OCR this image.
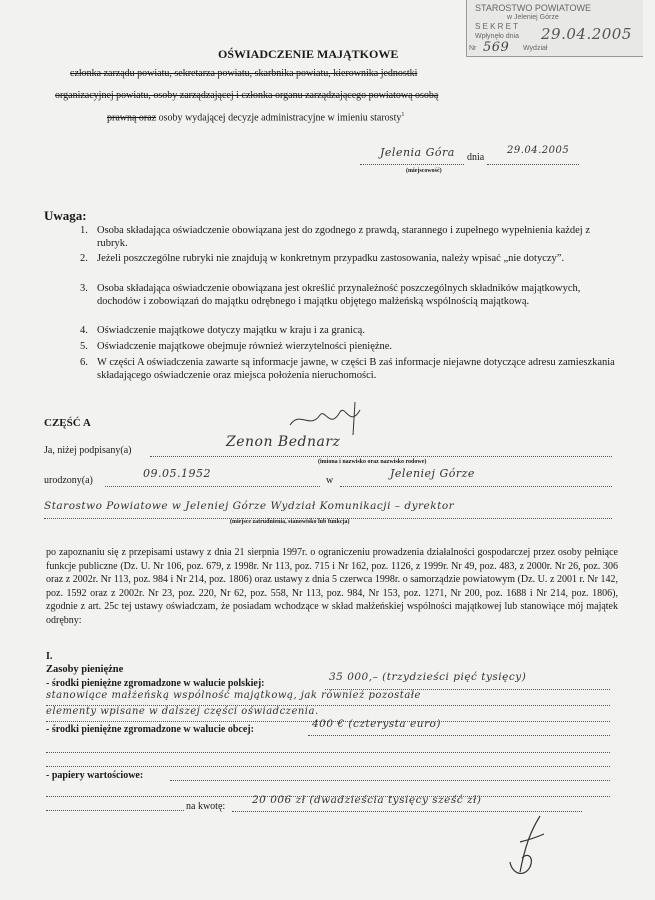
STAROSTWO POWIATOWE
w Jeleniej Górze
S E K R E T
Wpłynęło dnia 29.04.2005
Nr 569 Wydział
OŚWIADCZENIE MAJĄTKOWE
członka zarządu powiatu, sekretarza powiatu, skarbnika powiatu, kierownika jednostki
organizacyjnej powiatu, osoby zarządzającej i członka organu zarządzającego powiatową osobą
prawną oraz osoby wydającej decyzje administracyjne w imieniu starosty$^1$
Jelenia Góra dnia
29.04.2005
(miejscowość)
Uwaga:
1. Osoba składająca oświadczenie obowiązana jest do zgodnego z prawdą, starannego i zupełnego wypełnienia każdej z rubryk.
2. Jeżeli poszczególne rubryki nie znajdują w konkretnym przypadku zastosowania, należy wpisać „nie dotyczy”.
3. Osoba składająca oświadczenie obowiązana jest określić przynależność poszczególnych składników majątkowych, dochodów i zobowiązań do majątku odrębnego i majątku objętego małżeńską wspólnością majątkową.
4. Oświadczenie majątkowe dotyczy majątku w kraju i za granicą.
5. Oświadczenie majątkowe obejmuje również wierzytelności pieniężne.
6. W części A oświadczenia zawarte są informacje jawne, w części B zaś informacje niejawne dotyczące adresu zamieszkania składającego oświadczenie oraz miejsca położenia nieruchomości.
CZĘŚĆ A
Ja, niżej podpisany(a)
Zenon Bednarz
(imiona i nazwisko oraz nazwisko rodowe)
urodzony(a)
09.05.1952
w
Jeleniej Górze
Starostwo Powiatowe w Jeleniej Górze Wydział Komunikacji – dyrektor
(miejsce zatrudnienia, stanowisko lub funkcja)
po zapoznaniu się z przepisami ustawy z dnia 21 sierpnia 1997r. o ograniczeniu prowadzenia działalności gospodarczej przez osoby pełniące funkcje publiczne (Dz. U. Nr 106, poz. 679, z 1998r. Nr 113, poz. 715 i Nr 162, poz. 1126, z 1999r. Nr 49, poz. 483, z 2000r. Nr 26, poz. 306 oraz z 2002r. Nr 113, poz. 984 i Nr 214, poz. 1806) oraz ustawy z dnia 5 czerwca 1998r. o samorządzie powiatowym (Dz. U. z 2001 r. Nr 142, poz. 1592 oraz z 2002r. Nr 23, poz. 220, Nr 62, poz. 558, Nr 113, poz. 984, Nr 153, poz. 1271, Nr 200, poz. 1688 i Nr 214, poz. 1806), zgodnie z art. 25c tej ustawy oświadczam, że posiadam wchodzące w skład małżeńskiej wspólności majątkowej lub stanowiące mój majątek odrębny:
I.
Zasoby pieniężne
- środki pieniężne zgromadzone w walucie polskiej:
35 000,– (trzydzieści pięć tysięcy)
stanowiące małżeńską wspólność majątkową, jak również pozostałe
elementy wpisane w dalszej części oświadczenia.
- środki pieniężne zgromadzone w walucie obcej:	400 € (czterysta euro)
- papiery wartościowe:
na kwotę:
20 006 zł (dwadzieścia tysięcy sześć zł)
